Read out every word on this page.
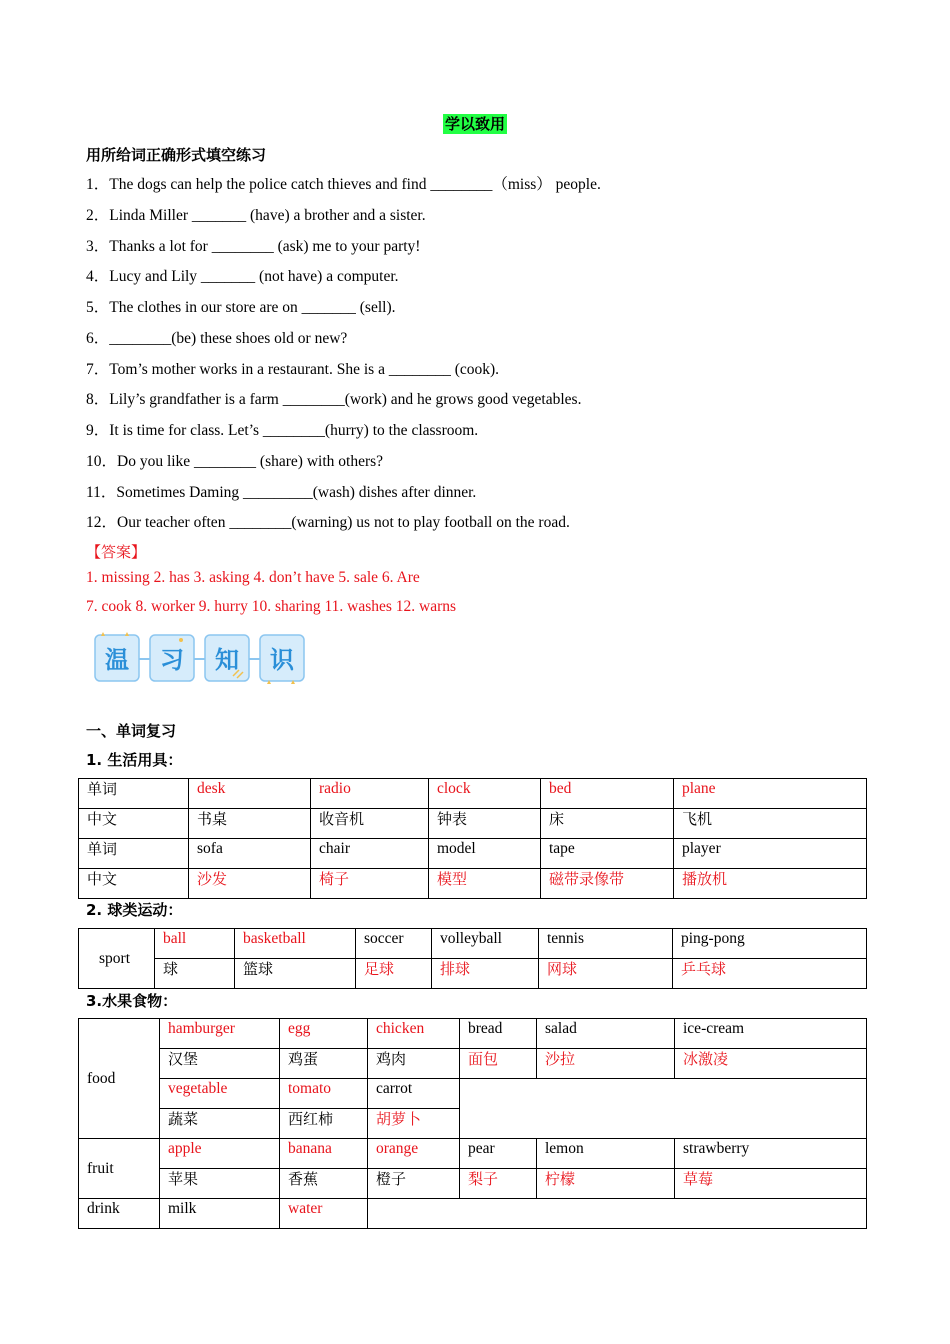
学以致用
用所给词正确形式填空练习
1．The dogs can help the police catch thieves and find ________（miss） people.
2．Linda Miller _______ (have) a brother and a sister.
3．Thanks a lot for ________ (ask) me to your party!
4．Lucy and Lily _______ (not have) a computer.
5．The clothes in our store are on _______ (sell).
6．________(be) these shoes old or new?
7．Tom’s mother works in a restaurant. She is a ________ (cook).
8．Lily’s grandfather is a farm ________(work) and he grows good vegetables.
9．It is time for class. Let’s ________(hurry) to the classroom.
10．Do you like ________ (share) with others?
11．Sometimes Daming _________(wash) dishes after dinner.
12．Our teacher often ________(warning) us not to play football on the road.
【答案】
1. missing 2. has 3. asking 4. don’t have 5. sale 6. Are
7. cook 8. worker 9. hurry 10. sharing 11. washes 12. warns
温 习 知 识
一、单词复习
1. 生活用具：
单词	desk	radio	clock	bed	plane
中文	书桌	收音机	钟表	床	飞机
单词	sofa	chair	model	tape	player
中文	沙发	椅子	模型	磁带录像带	播放机
2. 球类运动：
sport	ball	basketball	soccer	volleyball	tennis	ping-pong
	球	篮球	足球	排球	网球	乒乓球
3.水果食物：
food	hamburger	egg	chicken	bread	salad	ice-cream
	汉堡	鸡蛋	鸡肉	面包	沙拉	冰激凌
	vegetable	tomato	carrot			
	蔬菜	西红柿	胡萝卜			
fruit	apple	banana	orange	pear	lemon	strawberry
	苹果	香蕉	橙子	梨子	柠檬	草莓
drink	milk	water				
